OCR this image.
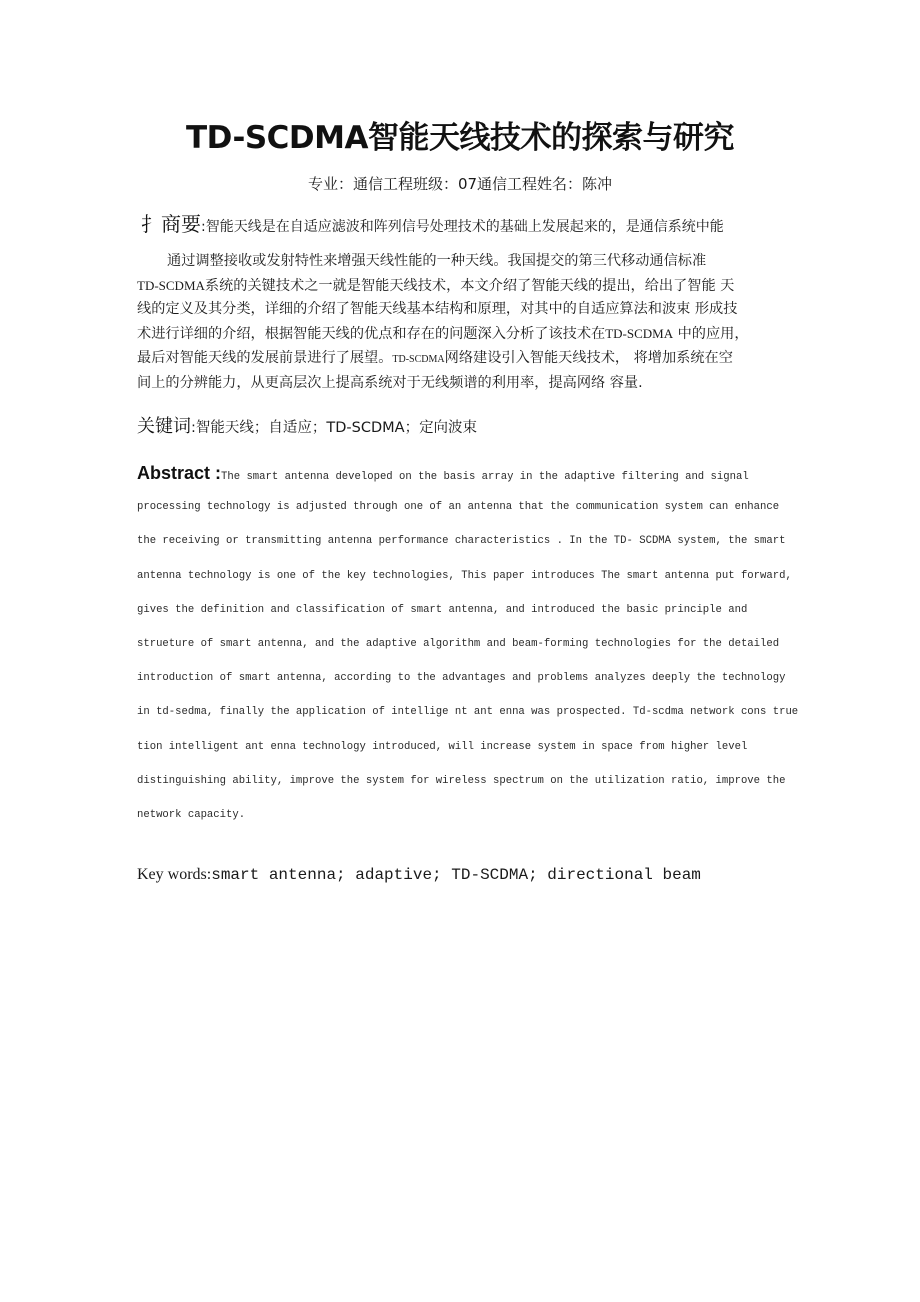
TD-SCDMA智能天线技术的探索与研究
专业：通信工程班级：07通信工程姓名：陈冲
扌商要:智能天线是在自适应滤波和阵列信号处理技术的基础上发展起来的，是通信系统中能
通过调整接收或发射特性来增强天线性能的一种天线。我国提交的第三代移动通信标准
TD-SCDMA系统的关键技术之一就是智能天线技术，本文介绍了智能天线的提出，给出了智能 天
线的定义及其分类，详细的介绍了智能天线基本结构和原理，对其中的自适应算法和波束 形成技
术进行详细的介绍，根据智能天线的优点和存在的问题深入分析了该技术在TD-SCDMA 中的应用，
最后对智能天线的发展前景进行了展望。TD-SCDMA网络建设引入智能天线技术， 将增加系统在空
间上的分辨能力，从更高层次上提高系统对于无线频谱的利用率，提高网络 容量.
关键词:智能天线；自适应；TD-SCDMA；定向波束
Abstract :The smart antenna developed on the basis array in the adaptive filtering and signal
processing technology is adjusted through one of an antenna that the communication system can enhance
the receiving or transmitting antenna performance characteristics . In the TD- SCDMA system, the smart
antenna technology is one of the key technologies, This paper introduces The smart antenna put forward,
gives the definition and classification of smart antenna, and introduced the basic principle and
strueture of smart antenna, and the adaptive algorithm and beam-forming technologies for the detailed
introduction of smart antenna, according to the advantages and problems analyzes deeply the technology
in td-sedma, finally the application of intellige nt ant enna was prospected. Td-scdma network cons true
tion intelligent ant enna technology introduced, will increase system in space from higher level
distinguishing ability, improve the system for wireless spectrum on the utilization ratio, improve the
network capacity.
Key words:smart antenna; adaptive; TD-SCDMA; directional beam
